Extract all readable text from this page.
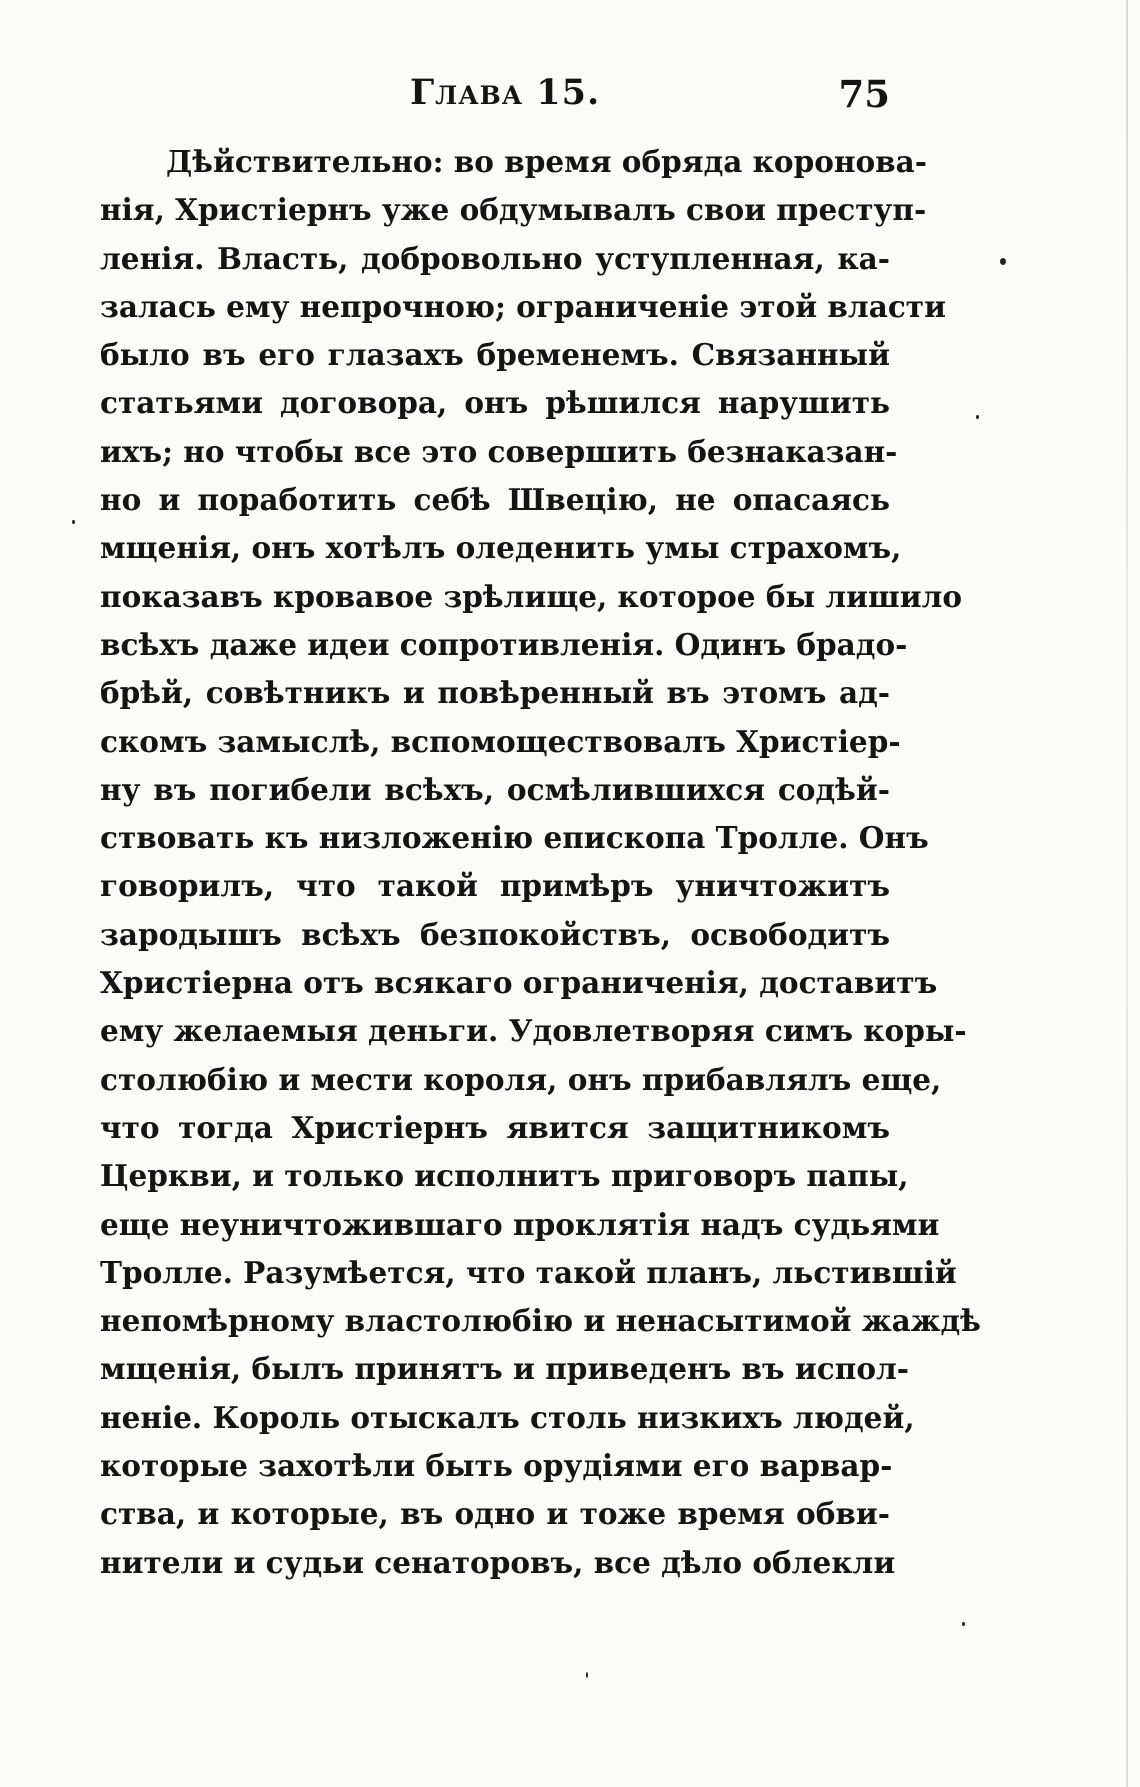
Глава 15.	75
Дѣйствительно: во время обряда коронова-
нія, Христіернъ уже обдумывалъ свои преступ-
ленія. Власть, добровольно уступленная, ка-
залась ему непрочною; ограниченіе этой власти
было въ его глазахъ бременемъ. Связанный
статьями договора, онъ рѣшился нарушить
ихъ; но чтобы все это совершить безнаказан-
но и поработить себѣ Швецію, не опасаясь
мщенія, онъ хотѣлъ оледенить умы страхомъ,
показавъ кровавое зрѣлище, которое бы лишило
всѣхъ даже идеи сопротивленія. Одинъ брадо-
брѣй, совѣтникъ и повѣренный въ этомъ ад-
скомъ замыслѣ, вспомоществовалъ Христіер-
ну въ погибели всѣхъ, осмѣлившихся содѣй-
ствовать къ низложенію епископа Тролле. Онъ
говорилъ, что такой примѣръ уничтожитъ
зародышъ всѣхъ безпокойствъ, освободитъ
Христіерна отъ всякаго ограниченія, доставитъ
ему желаемыя деньги. Удовлетворяя симъ коры-
столюбію и мести короля, онъ прибавлялъ еще,
что тогда Христіернъ явится защитникомъ
Церкви, и только исполнитъ приговоръ папы,
еще неуничтожившаго проклятія надъ судьями
Тролле. Разумѣется, что такой планъ, льстившій
непомѣрному властолюбію и ненасытимой жаждѣ
мщенія, былъ принятъ и приведенъ въ испол-
неніе. Король отыскалъ столь низкихъ людей,
которые захотѣли быть орудіями его варвар-
ства, и которые, въ одно и тоже время обви-
нители и судьи сенаторовъ, все дѣло облекли
